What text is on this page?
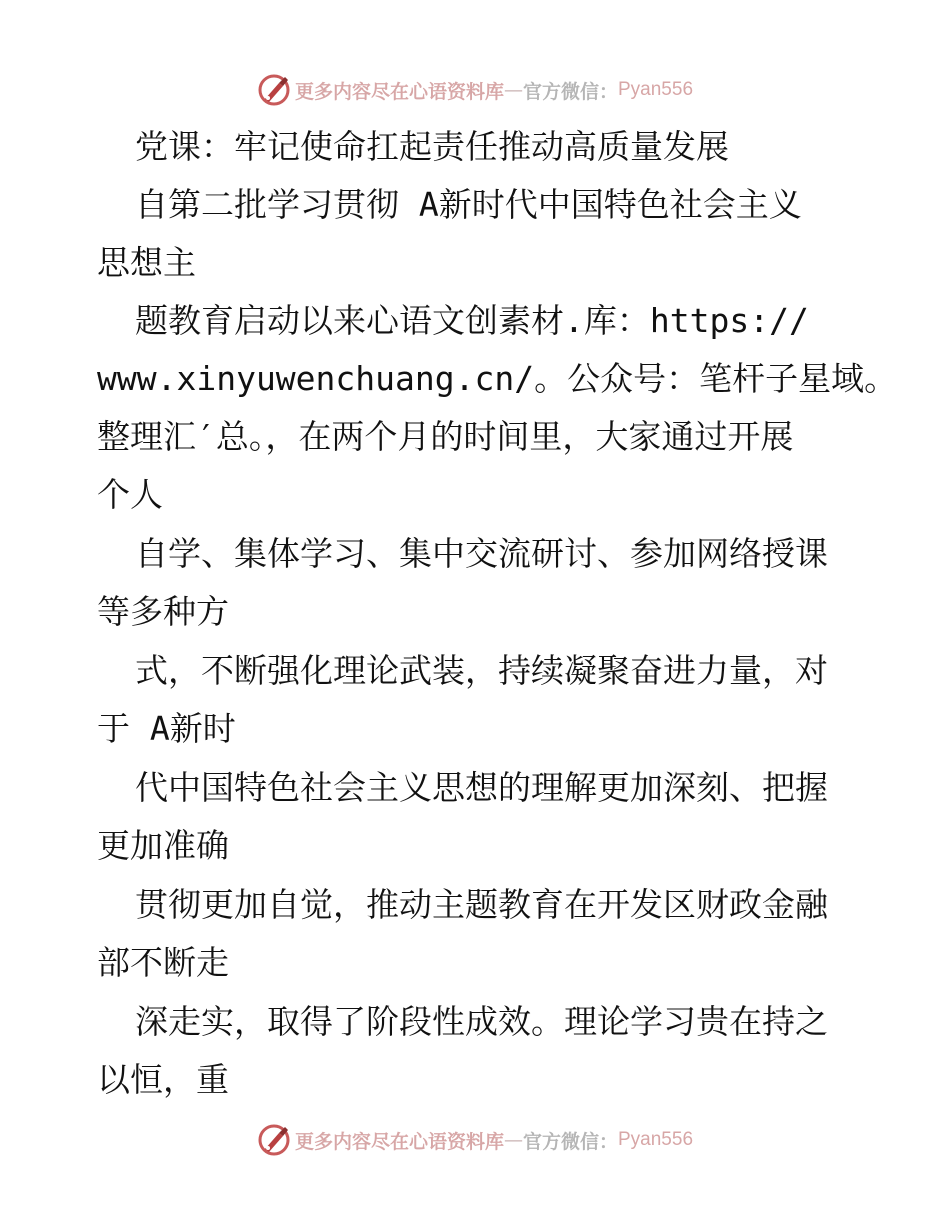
更多内容尽在心语资料库 — 官方微信： Pyan556
党课：牢记使命扛起责任推动高质量发展
自第二批学习贯彻 A新时代中国特色社会主义
思想主
题教育启动以来心语文创素材.库：https://
www.xinyuwenchuang.cn/。公众号：笔杆子星域。
整理汇′总。，在两个月的时间里，大家通过开展
个人
自学、集体学习、集中交流研讨、参加网络授课
等多种方
式，不断强化理论武装，持续凝聚奋进力量，对
于 A新时
代中国特色社会主义思想的理解更加深刻、把握
更加准确
贯彻更加自觉，推动主题教育在开发区财政金融
部不断走
深走实，取得了阶段性成效。理论学习贵在持之
以恒，重
更多内容尽在心语资料库 — 官方微信： Pyan556
